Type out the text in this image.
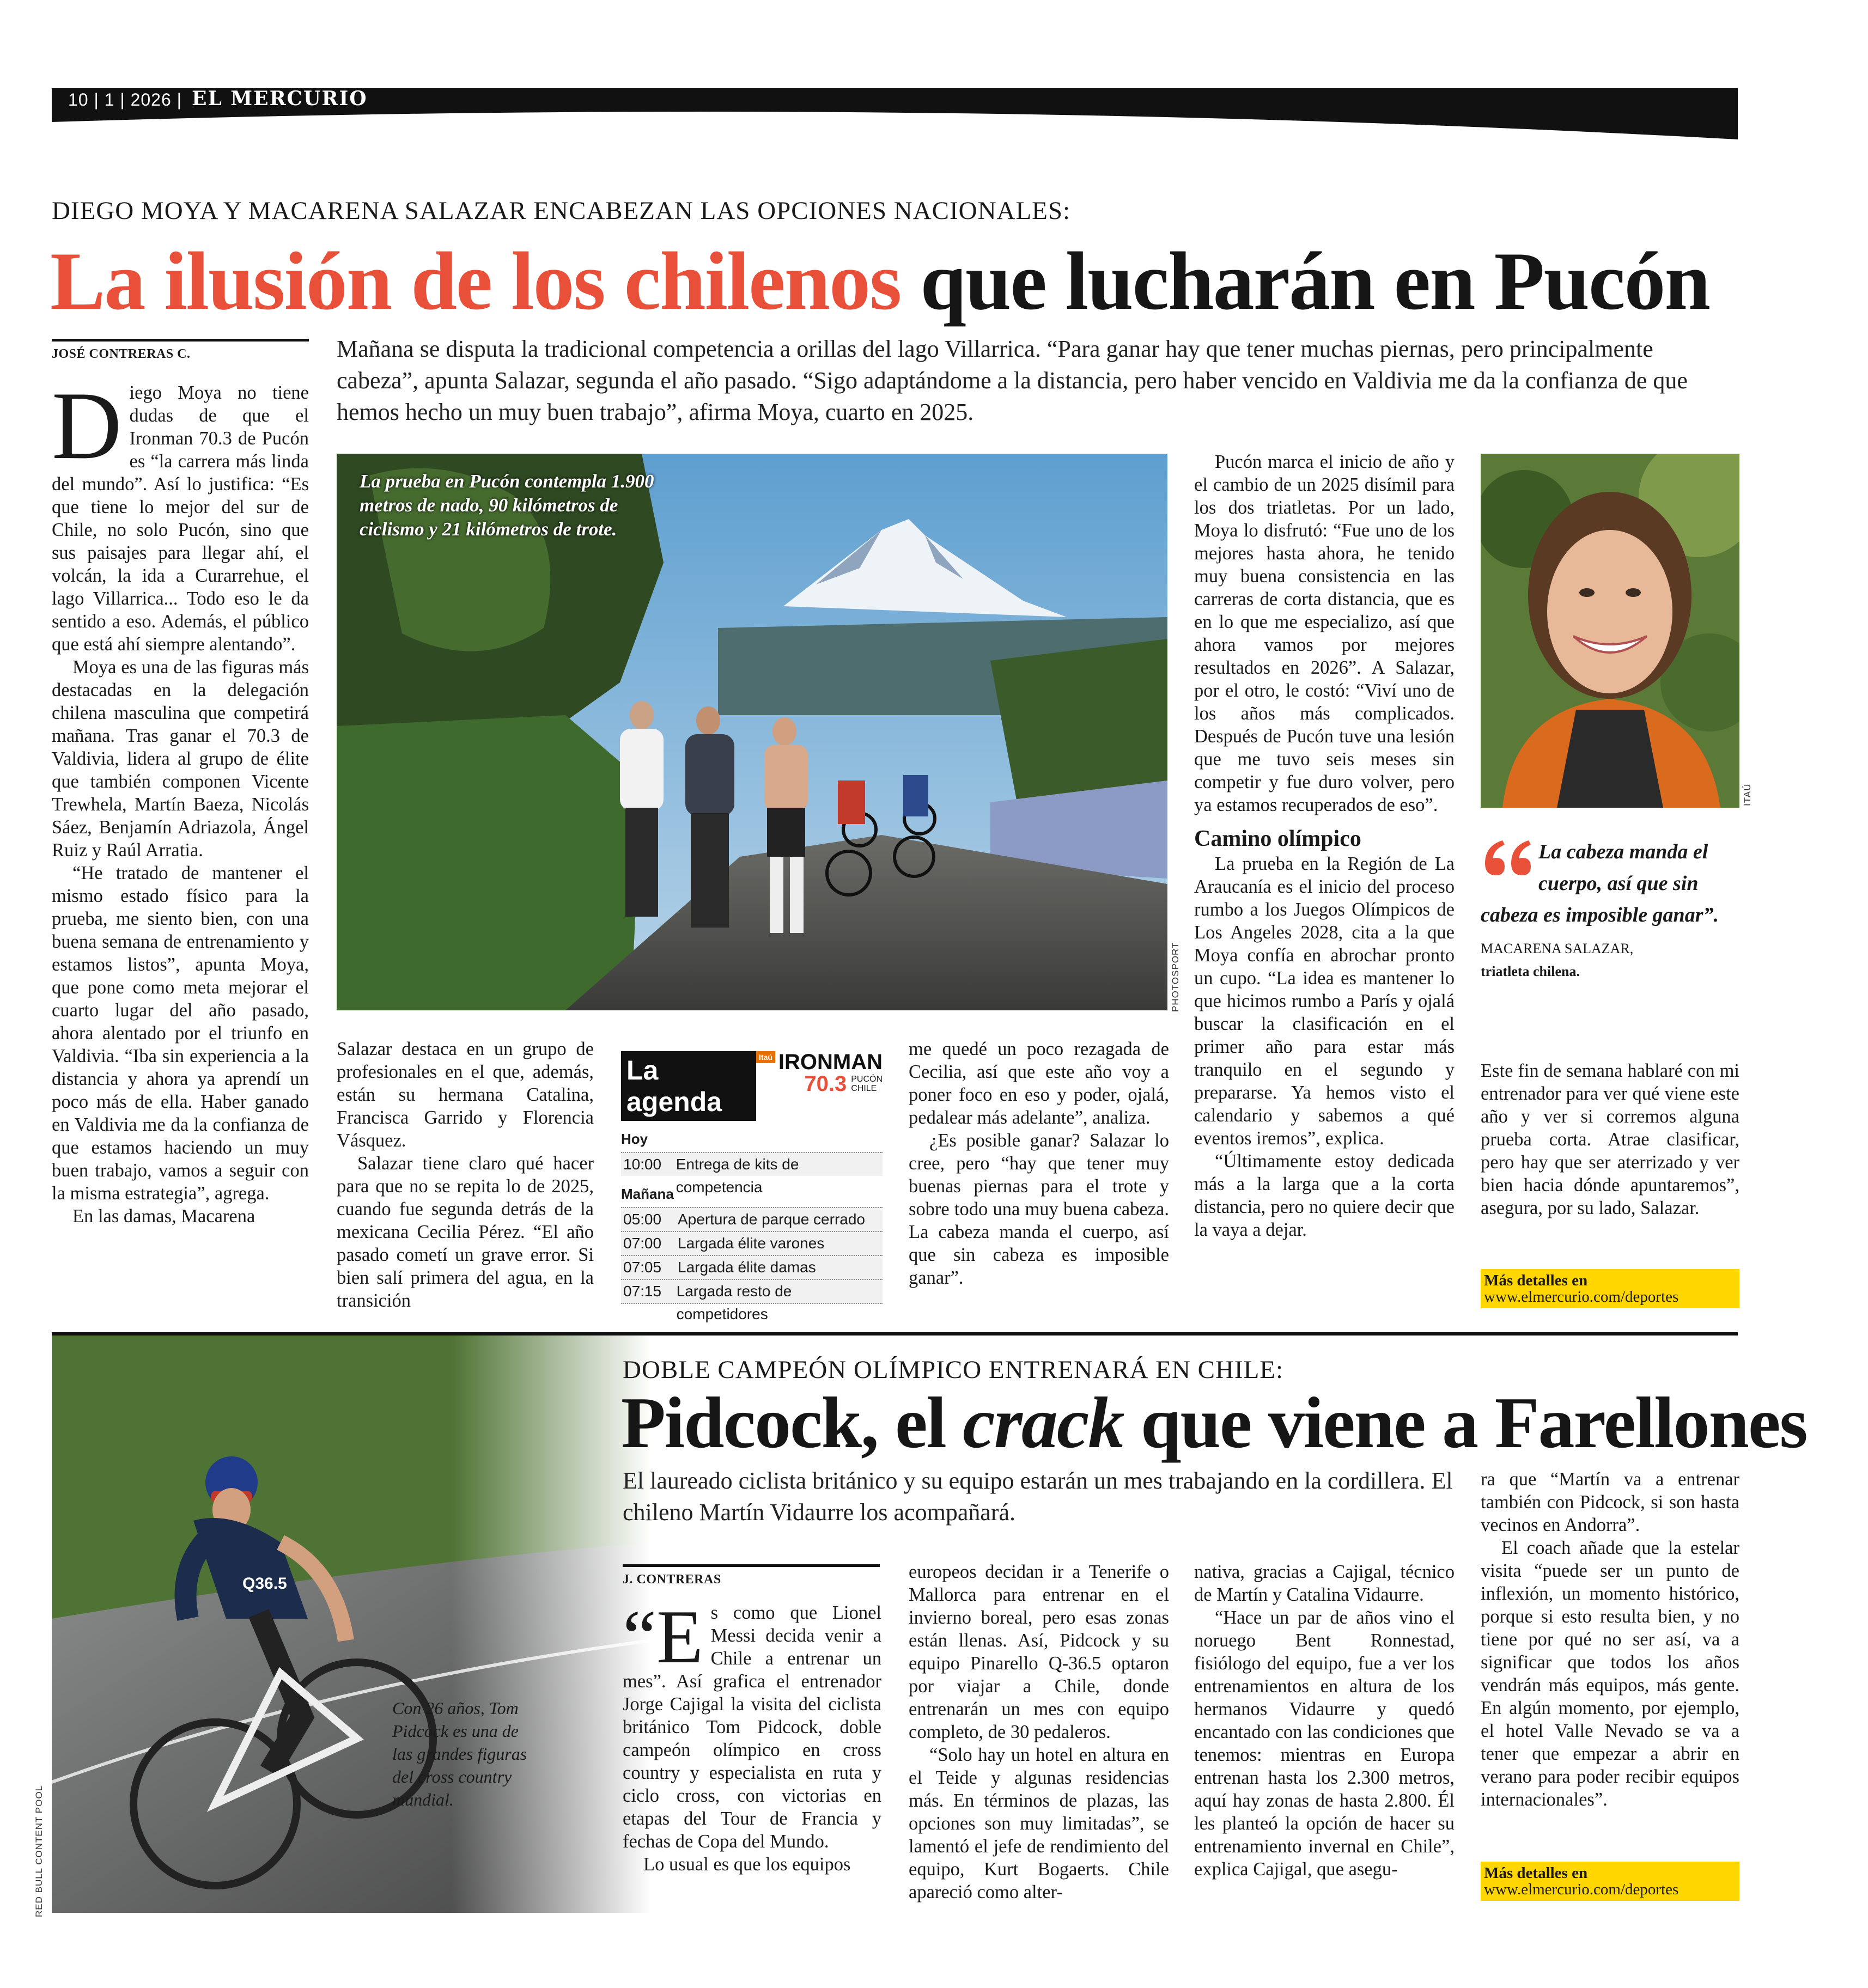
10 | 1 | 2026 | EL MERCURIO	3
DIEGO MOYA Y MACARENA SALAZAR ENCABEZAN LAS OPCIONES NACIONALES:
La ilusión de los chilenos que lucharán en Pucón
JOSÉ CONTRERAS C.	Mañana se disputa la tradicional competencia a orillas del lago Villarrica. “Para ganar hay que tener muchas piernas, pero principalmente cabeza”, apunta Salazar, segunda el año pasado. “Sigo adaptándome a la distancia, pero haber vencido en Valdivia me da la confianza de que hemos hecho un muy buen trabajo”, afirma Moya, cuarto en 2025.
D iego Moya no tiene dudas de que el Ironman 70.3 de Pucón es “la carrera más linda del mundo”. Así lo justifica: “Es que tiene lo mejor del sur de Chile, no solo Pucón, sino que sus paisajes para llegar ahí, el volcán, la ida a Curarrehue, el lago Villarrica... Todo eso le da sentido a eso. Además, el público que está ahí siempre alentando”.

Moya es una de las figuras más destacadas en la delegación chilena masculina que competirá mañana. Tras ganar el 70.3 de Valdivia, lidera al grupo de élite que también componen Vicente Trewhela, Martín Baeza, Nicolás Sáez, Benjamín Adriazola, Ángel Ruiz y Raúl Arratia.

“He tratado de mantener el mismo estado físico para la prueba, me siento bien, con una buena semana de entrenamiento y estamos listos”, apunta Moya, que pone como meta mejorar el cuarto lugar del año pasado, ahora alentado por el triunfo en Valdivia. “Iba sin experiencia a la distancia y ahora ya aprendí un poco más de ella. Haber ganado en Valdivia me da la confianza de que estamos haciendo un muy buen trabajo, vamos a seguir con la misma estrategia”, agrega.

En las damas, Macarena

La prueba en Pucón contempla 1.900 metros de nado, 90 kilómetros de ciclismo y 21 kilómetros de trote.
PHOTOSPORT

Salazar destaca en un grupo de profesionales en el que, además, están su hermana Catalina, Francisca Garrido y Florencia Vásquez.

Salazar tiene claro qué hacer para que no se repita lo de 2025, cuando fue segunda detrás de la mexicana Cecilia Pérez. “El año pasado cometí un grave error. Si bien salí primera del agua, en la transición

La agenda
Itaú IRONMAN
70.3 PUCÓN
CHILE
Hoy
10:00 Entrega de kits de competencia
Mañana
05:00	Apertura de parque cerrado
07:00	Largada élite varones
07:05	Largada élite damas
07:15 Largada resto de competidores

me quedé un poco rezagada de Cecilia, así que este año voy a poner foco en eso y poder, ojalá, pedalear más adelante”, analiza.

¿Es posible ganar? Salazar lo cree, pero “hay que tener muy buenas piernas para el trote y sobre todo una muy buena cabeza. La cabeza manda el cuerpo, así que sin cabeza es imposible ganar”.

Pucón marca el inicio de año y el cambio de un 2025 disímil para los dos triatletas. Por un lado, Moya lo disfrutó: “Fue uno de los mejores hasta ahora, he tenido muy buena consistencia en las carreras de corta distancia, que es en lo que me especializo, así que ahora vamos por mejores resultados en 2026”. A Salazar, por el otro, le costó: “Viví uno de los años más complicados. Después de Pucón tuve una lesión que me tuvo seis meses sin competir y fue duro volver, pero ya estamos recuperados de eso”.

Camino olímpico

La prueba en la Región de La Araucanía es el inicio del proceso rumbo a los Juegos Olímpicos de Los Angeles 2028, cita a la que Moya confía en abrochar pronto un cupo. “La idea es mantener lo que hicimos rumbo a París y ojalá buscar la clasificación en el primer año para estar más tranquilo en el segundo y prepararse. Ya hemos visto el calendario y sabemos a qué eventos iremos”, explica.

“Últimamente estoy dedicada más a la larga que a la corta distancia, pero no quiere decir que la vaya a dejar.

ITAÚ
La cabeza manda el cuerpo, así que sin cabeza es imposible ganar”.
MACARENA SALAZAR,
triatleta chilena.

Este fin de semana hablaré con mi entrenador para ver qué viene este año y ver si corremos alguna prueba corta. Atrae clasificar, pero hay que ser aterrizado y ver bien hacia dónde apuntaremos”, asegura, por su lado, Salazar.

Más detalles en
www.elmercurio.com/deportes
DOBLE CAMPEÓN OLÍMPICO ENTRENARÁ EN CHILE:
Pidcock, el crack que viene a Farellones
El laureado ciclista británico y su equipo estarán un mes trabajando en la cordillera. El chileno Martín Vidaurre los acompañará.
Con 26 años, Tom Pidcock es una de las grandes figuras del cross country mundial.
RED BULL CONTENT POOL
J. CONTRERAS
“E s como que Lionel Messi decida venir a Chile a entrenar un mes”. Así grafica el entrenador Jorge Cajigal la visita del ciclista británico Tom Pidcock, doble campeón olímpico en cross country y especialista en ruta y ciclo cross, con victorias en etapas del Tour de Francia y fechas de Copa del Mundo.

Lo usual es que los equipos

europeos decidan ir a Tenerife o Mallorca para entrenar en el invierno boreal, pero esas zonas están llenas. Así, Pidcock y su equipo Pinarello Q-36.5 optaron por viajar a Chile, donde entrenarán un mes con equipo completo, de 30 pedaleros.

“Solo hay un hotel en altura en el Teide y algunas residencias más. En términos de plazas, las opciones son muy limitadas”, se lamentó el jefe de rendimiento del equipo, Kurt Bogaerts. Chile apareció como alter-

nativa, gracias a Cajigal, técnico de Martín y Catalina Vidaurre.

“Hace un par de años vino el noruego Bent Ronnestad, fisiólogo del equipo, fue a ver los entrenamientos en altura de los hermanos Vidaurre y quedó encantado con las condiciones que tenemos: mientras en Europa entrenan hasta los 2.300 metros, aquí hay zonas de hasta 2.800. Él les planteó la opción de hacer su entrenamiento invernal en Chile”, explica Cajigal, que asegu-

ra que “Martín va a entrenar también con Pidcock, si son hasta vecinos en Andorra”.

El coach añade que la estelar visita “puede ser un punto de inflexión, un momento histórico, porque si esto resulta bien, y no tiene por qué no ser así, va a significar que todos los años vendrán más equipos, más gente. En algún momento, por ejemplo, el hotel Valle Nevado se va a tener que empezar a abrir en verano para poder recibir equipos internacionales”.

Más detalles en
www.elmercurio.com/deportes
